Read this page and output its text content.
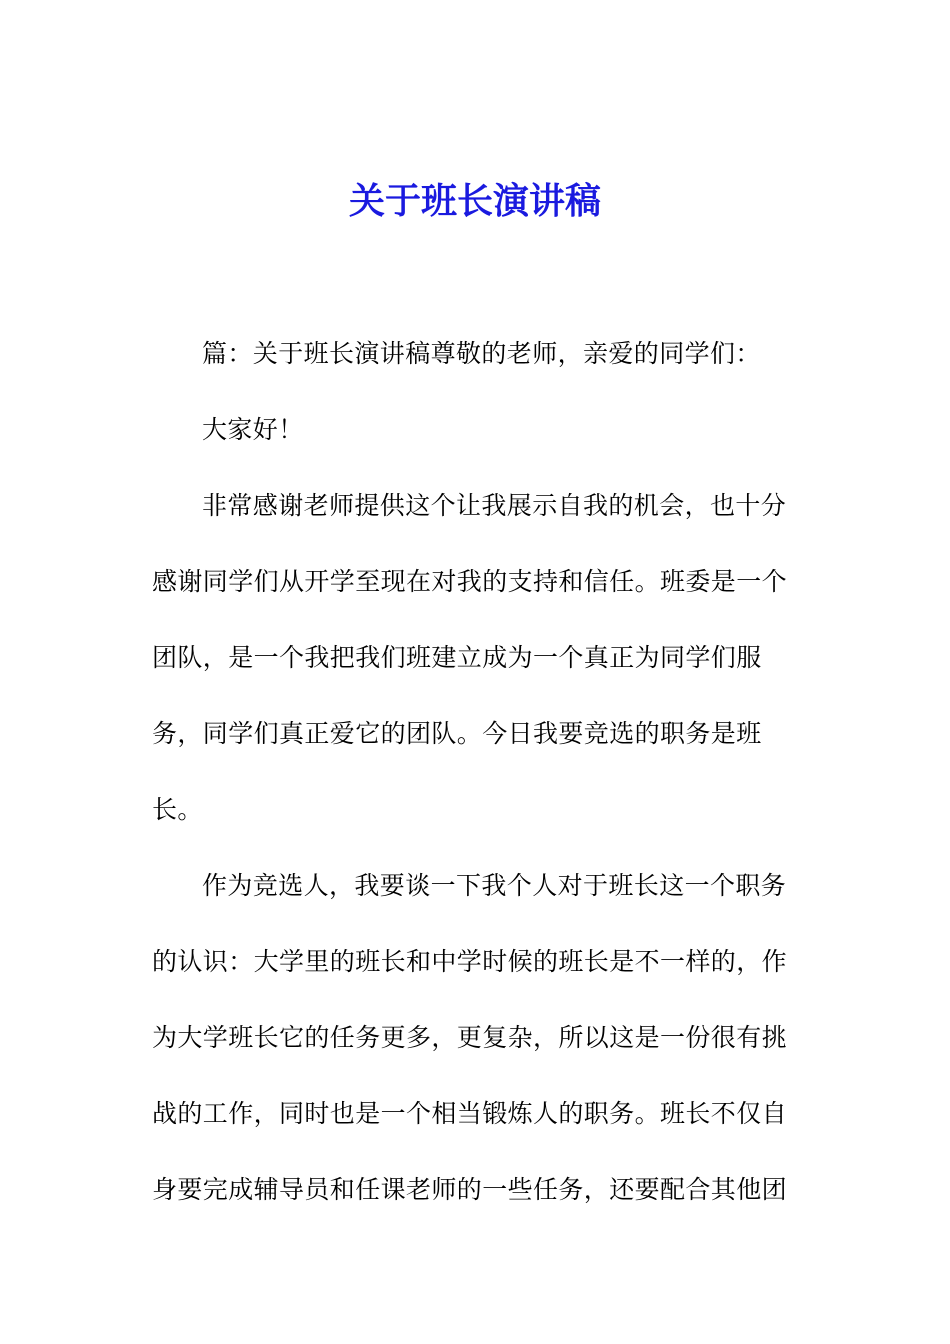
关于班长演讲稿
篇：关于班长演讲稿尊敬的老师，亲爱的同学们：
大家好！
非常感谢老师提供这个让我展示自我的机会，也十分
感谢同学们从开学至现在对我的支持和信任。班委是一个
团队，是一个我把我们班建立成为一个真正为同学们服
务，同学们真正爱它的团队。今日我要竞选的职务是班
长。
作为竞选人，我要谈一下我个人对于班长这一个职务
的认识：大学里的班长和中学时候的班长是不一样的，作
为大学班长它的任务更多，更复杂，所以这是一份很有挑
战的工作，同时也是一个相当锻炼人的职务。班长不仅自
身要完成辅导员和任课老师的一些任务，还要配合其他团
